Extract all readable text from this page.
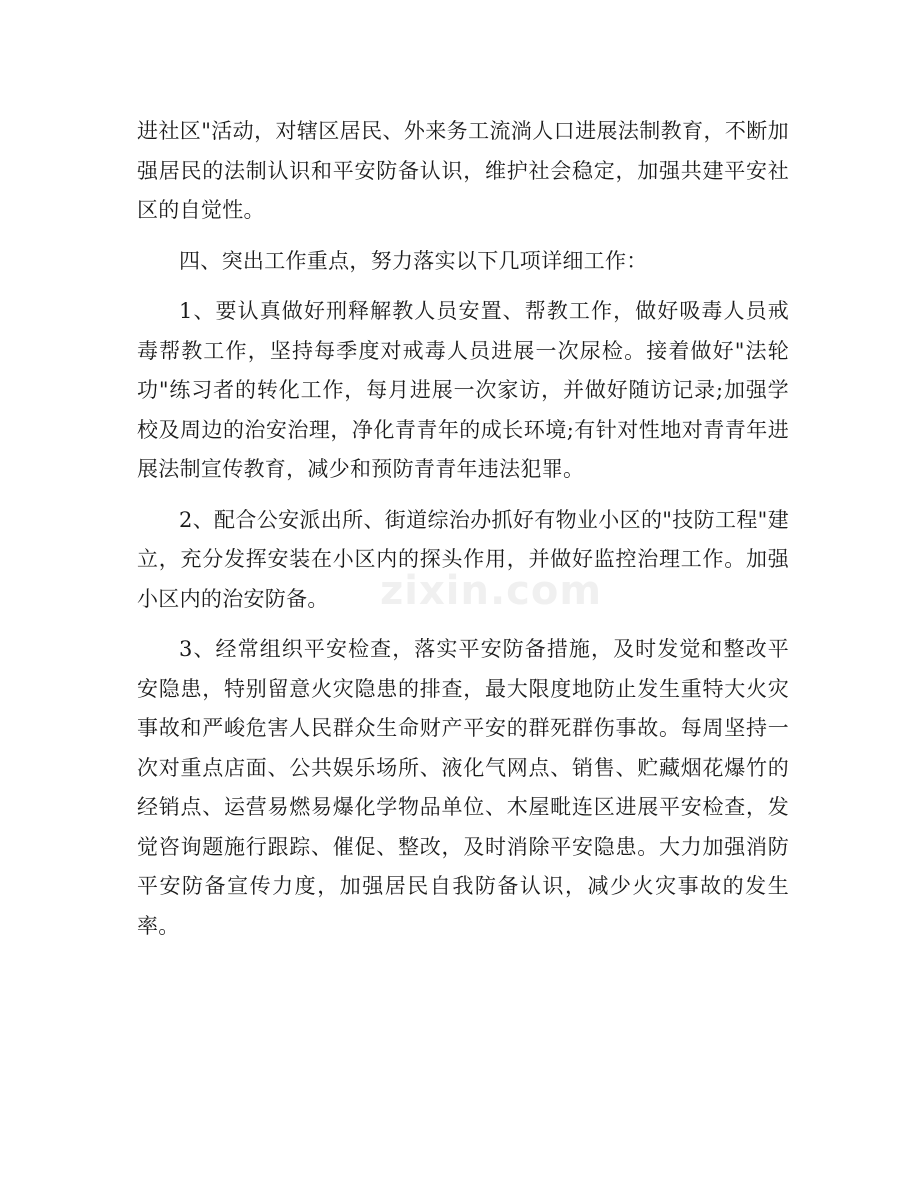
进社区"活动，对辖区居民、外来务工流淌人口进展法制教育，不断加强居民的法制认识和平安防备认识，维护社会稳定，加强共建平安社区的自觉性。

四、突出工作重点，努力落实以下几项详细工作：

1、要认真做好刑释解教人员安置、帮教工作，做好吸毒人员戒毒帮教工作，坚持每季度对戒毒人员进展一次尿检。接着做好"法轮功"练习者的转化工作，每月进展一次家访，并做好随访记录;加强学校及周边的治安治理，净化青青年的成长环境;有针对性地对青青年进展法制宣传教育，减少和预防青青年违法犯罪。

2、配合公安派出所、街道综治办抓好有物业小区的"技防工程"建立，充分发挥安装在小区内的探头作用，并做好监控治理工作。加强小区内的治安防备。

3、经常组织平安检查，落实平安防备措施，及时发觉和整改平安隐患，特别留意火灾隐患的排查，最大限度地防止发生重特大火灾事故和严峻危害人民群众生命财产平安的群死群伤事故。每周坚持一次对重点店面、公共娱乐场所、液化气网点、销售、贮藏烟花爆竹的经销点、运营易燃易爆化学物品单位、木屋毗连区进展平安检查，发觉咨询题施行跟踪、催促、整改，及时消除平安隐患。大力加强消防平安防备宣传力度，加强居民自我防备认识，减少火灾事故的发生率。

zixin.com
